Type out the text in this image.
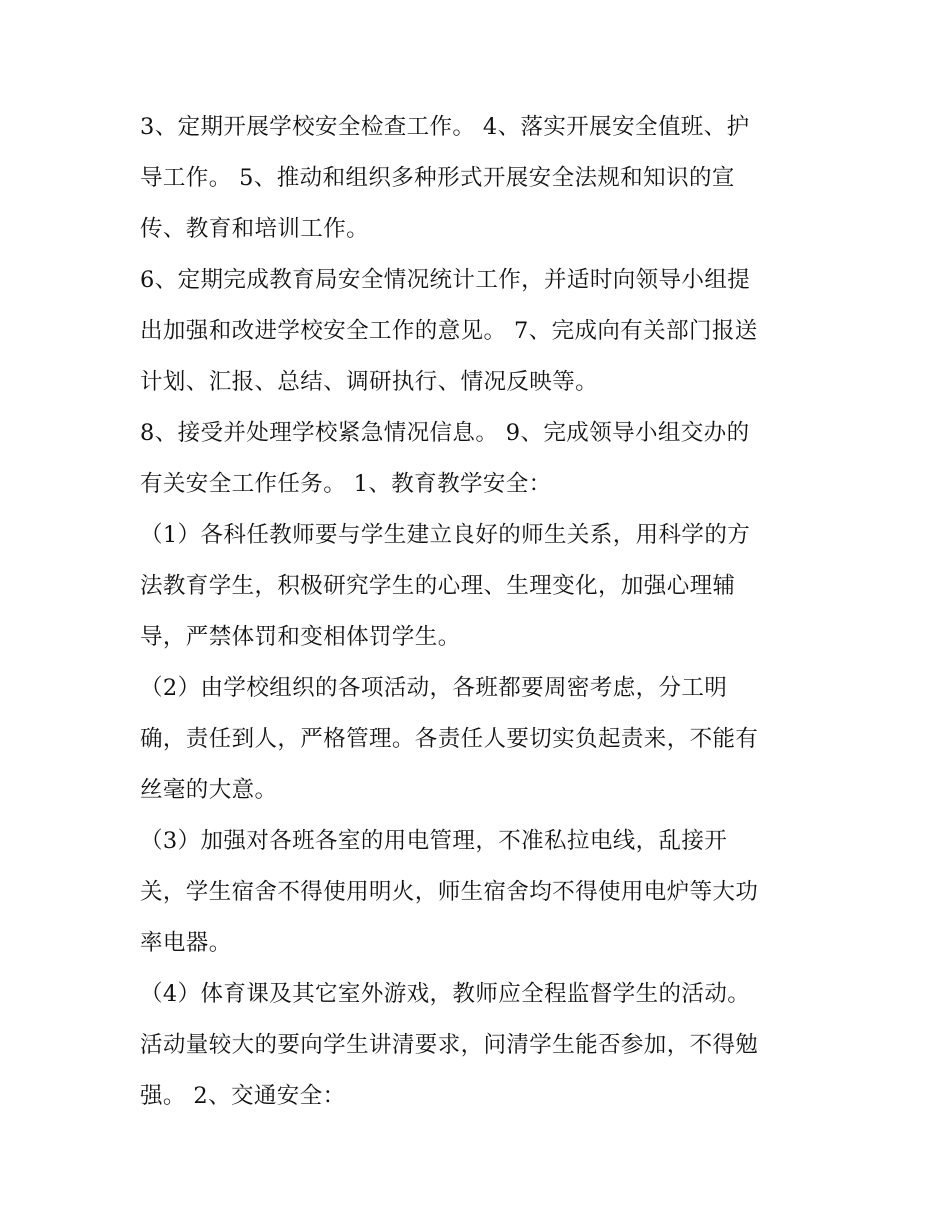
3、定期开展学校安全检查工作。 4、落实开展安全值班、护
导工作。 5、推动和组织多种形式开展安全法规和知识的宣
传、教育和培训工作。
6、定期完成教育局安全情况统计工作，并适时向领导小组提
出加强和改进学校安全工作的意见。 7、完成向有关部门报送
计划、汇报、总结、调研执行、情况反映等。
8、接受并处理学校紧急情况信息。 9、完成领导小组交办的
有关安全工作任务。 1、教育教学安全：
（1）各科任教师要与学生建立良好的师生关系，用科学的方
法教育学生，积极研究学生的心理、生理变化，加强心理辅
导，严禁体罚和变相体罚学生。
（2）由学校组织的各项活动，各班都要周密考虑，分工明
确，责任到人，严格管理。各责任人要切实负起责来，不能有
丝毫的大意。
（3）加强对各班各室的用电管理，不准私拉电线，乱接开
关，学生宿舍不得使用明火，师生宿舍均不得使用电炉等大功
率电器。
（4）体育课及其它室外游戏，教师应全程监督学生的活动。
活动量较大的要向学生讲清要求，问清学生能否参加，不得勉
强。 2、交通安全：
